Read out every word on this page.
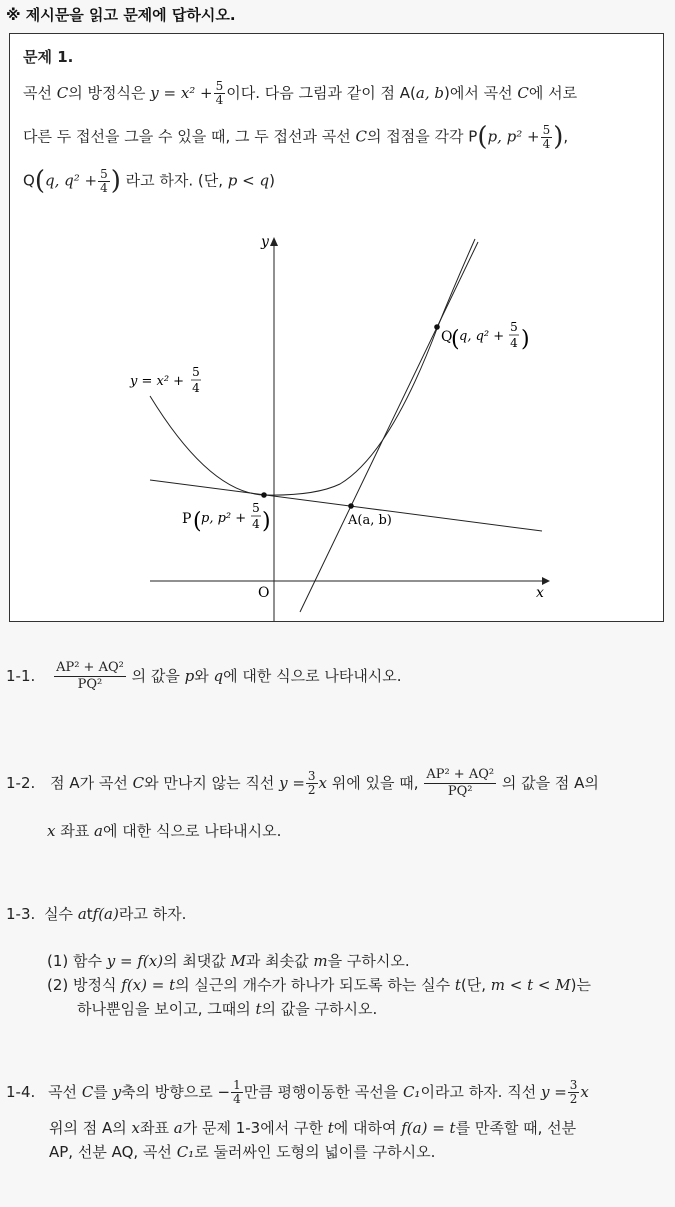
※ 제시문을 읽고 문제에 답하시오.
문제 1.
곡선 C의 방정식은 $y = x^2 + \frac{5}{4}$ 이다. 다음 그림과 같이 점 A(a, b)에서 곡선 C에 서로
다른 두 접선을 그을 수 있을 때, 그 두 접선과 곡선 C의 접점을 각각 P(p, $p^2 + \frac{5}{4}$ ),
Q(q, $q^2 + \frac{5}{4}$ ) 라고 하자. (단, p < q)
y
x
O
y = x² +
5
4
Q
( q, q² +
5
4 )
P ( p, p² +
5
4 )	A(a, b)
1-1. $\frac{\text{AP² + AQ²}}{\text{PQ²}}$ 의 값을 p와 q에 대한 식으로 나타내시오.
1-2. 점 A가 곡선 C와 만나지 않는 직선 $y = \frac{3}{2}$ x 위에 있을 때, $\frac{\text{AP² + AQ²}}{\text{PQ²}}$ 의 값을 점 A의
x 좌표 a에 대한 식으로 나타내시오.
1-3. 실수 atf(a)라고 하자.
(1) 함수 y = f(x)의 최댓값 M과 최솟값 m을 구하시오.
(2) 방정식 f(x) = t의 실근의 개수가 하나가 되도록 하는 실수 t(단, m < t < M)는
하나뿐임을 보이고, 그때의 t의 값을 구하시오.
1-4. 곡선 C를 y축의 방향으로 − $\frac{1}{4}$ 만큼 평행이동한 곡선을 C₁이라고 하자. 직선 $y = \frac{3}{2}$ x
위의 점 A의 x좌표 a가 문제 1-3에서 구한 t에 대하여 f(a) = t를 만족할 때, 선분
AP, 선분 AQ, 곡선 C₁로 둘러싸인 도형의 넓이를 구하시오.
